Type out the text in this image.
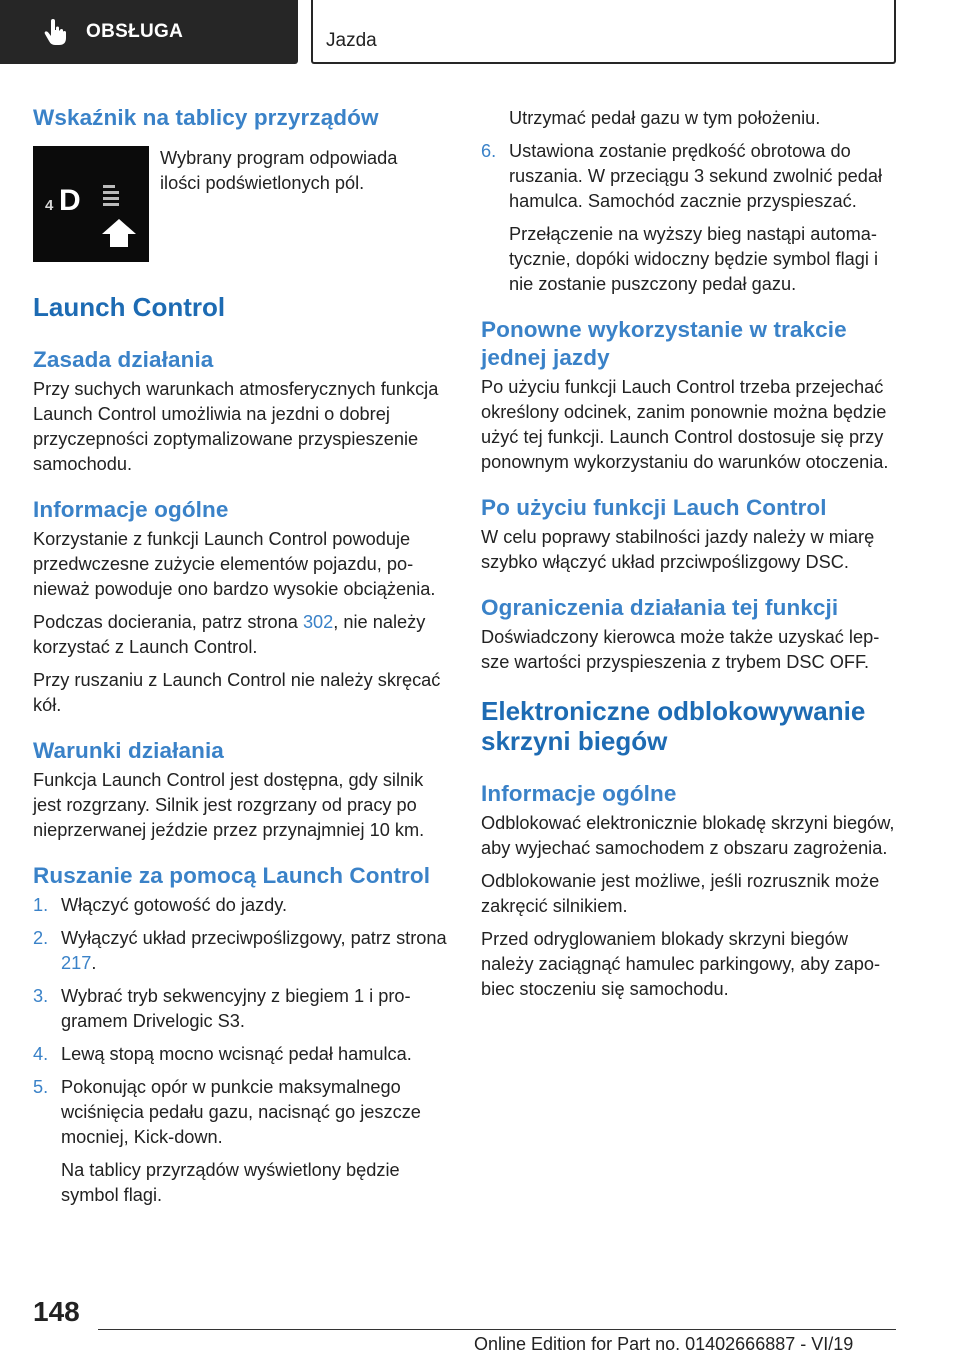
OBSŁUGA	Jazda
Wskaźnik na tablicy przyrządów
4 D

Wybrany program odpowiada ilości podświetlonych pól.

Launch Control
Zasada działania

Przy suchych warunkach atmosferycznych funkcja Launch Control umożliwia na jezdni o dobrej przyczepności zoptymalizowane przyspieszenie samochodu.

Informacje ogólne

Korzystanie z funkcji Launch Control powoduje przedwczesne zużycie elementów pojazdu, ponieważ powoduje ono bardzo wysokie obciążenia.

Podczas docierania, patrz strona 302, nie należy korzystać z Launch Control.

Przy ruszaniu z Launch Control nie należy skręcać kół.

Warunki działania

Funkcja Launch Control jest dostępna, gdy silnik jest rozgrzany. Silnik jest rozgrzany od pracy po nieprzerwanej jeździe przez przynajmniej 10 km.

Ruszanie za pomocą Launch Control
1. Włączyć gotowość do jazdy.
2. Wyłączyć układ przeciwpoślizgowy, patrz strona 217.
3. Wybrać tryb sekwencyjny z biegiem 1 i programem Drivelogic S3.
4. Lewą stopą mocno wcisnąć pedał hamulca.
5. Pokonując opór w punkcie maksymalnego wciśnięcia pedału gazu, nacisnąć go jeszcze mocniej, Kick-down.

Na tablicy przyrządów wyświetlony będzie symbol flagi.

Utrzymać pedał gazu w tym położeniu.

6. Ustawiona zostanie prędkość obrotowa do ruszania. W przeciągu 3 sekund zwolnić pedał hamulca. Samochód zacznie przyspieszać.

Przełączenie na wyższy bieg nastąpi automatycznie, dopóki widoczny będzie symbol flagi i nie zostanie puszczony pedał gazu.

Ponowne wykorzystanie w trakcie jednej jazdy

Po użyciu funkcji Lauch Control trzeba przejechać określony odcinek, zanim ponownie można będzie użyć tej funkcji. Launch Control dostosuje się przy ponownym wykorzystaniu do warunków otoczenia.

Po użyciu funkcji Lauch Control

W celu poprawy stabilności jazdy należy w miarę szybko włączyć układ przciwpoślizgowy DSC.

Ograniczenia działania tej funkcji

Doświadczony kierowca może także uzyskać lepsze wartości przyspieszenia z trybem DSC OFF.

Elektroniczne odblokowywanie skrzyni biegów
Informacje ogólne

Odblokować elektronicznie blokadę skrzyni biegów, aby wyjechać samochodem z obszaru zagrożenia.

Odblokowanie jest możliwe, jeśli rozrusznik może zakręcić silnikiem.

Przed odryglowaniem blokady skrzyni biegów należy zaciągnąć hamulec parkingowy, aby zapobiec stoczeniu się samochodu.

148
Online Edition for Part no. 01402666887 - VI/19
